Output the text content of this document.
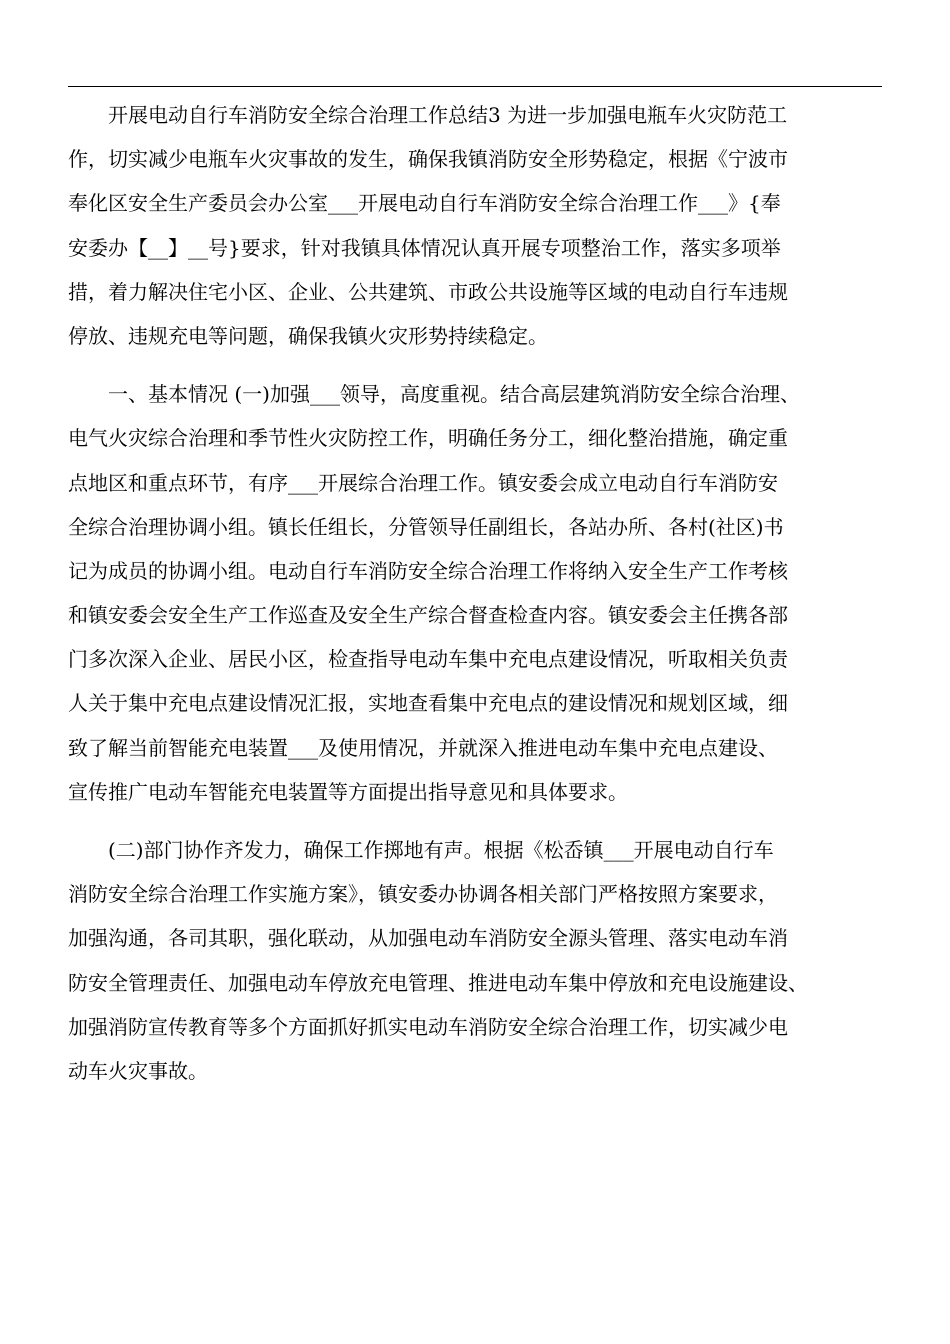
　　开展电动自行车消防安全综合治理工作总结3 为进一步加强电瓶车火灾防范工
作，切实减少电瓶车火灾事故的发生，确保我镇消防安全形势稳定，根据《宁波市
奉化区安全生产委员会办公室___开展电动自行车消防安全综合治理工作___》{奉
安委办【__】__号}要求，针对我镇具体情况认真开展专项整治工作，落实多项举
措，着力解决住宅小区、企业、公共建筑、市政公共设施等区域的电动自行车违规
停放、违规充电等问题，确保我镇火灾形势持续稳定。
　　一、基本情况 (一)加强___领导，高度重视。结合高层建筑消防安全综合治理、
电气火灾综合治理和季节性火灾防控工作，明确任务分工，细化整治措施，确定重
点地区和重点环节，有序___开展综合治理工作。镇安委会成立电动自行车消防安
全综合治理协调小组。镇长任组长，分管领导任副组长，各站办所、各村(社区)书
记为成员的协调小组。电动自行车消防安全综合治理工作将纳入安全生产工作考核
和镇安委会安全生产工作巡查及安全生产综合督查检查内容。镇安委会主任携各部
门多次深入企业、居民小区，检查指导电动车集中充电点建设情况，听取相关负责
人关于集中充电点建设情况汇报，实地查看集中充电点的建设情况和规划区域，细
致了解当前智能充电装置___及使用情况，并就深入推进电动车集中充电点建设、
宣传推广电动车智能充电装置等方面提出指导意见和具体要求。
　　(二)部门协作齐发力，确保工作掷地有声。根据《松岙镇___开展电动自行车
消防安全综合治理工作实施方案》，镇安委办协调各相关部门严格按照方案要求，
加强沟通，各司其职，强化联动，从加强电动车消防安全源头管理、落实电动车消
防安全管理责任、加强电动车停放充电管理、推进电动车集中停放和充电设施建设、
加强消防宣传教育等多个方面抓好抓实电动车消防安全综合治理工作，切实减少电
动车火灾事故。
